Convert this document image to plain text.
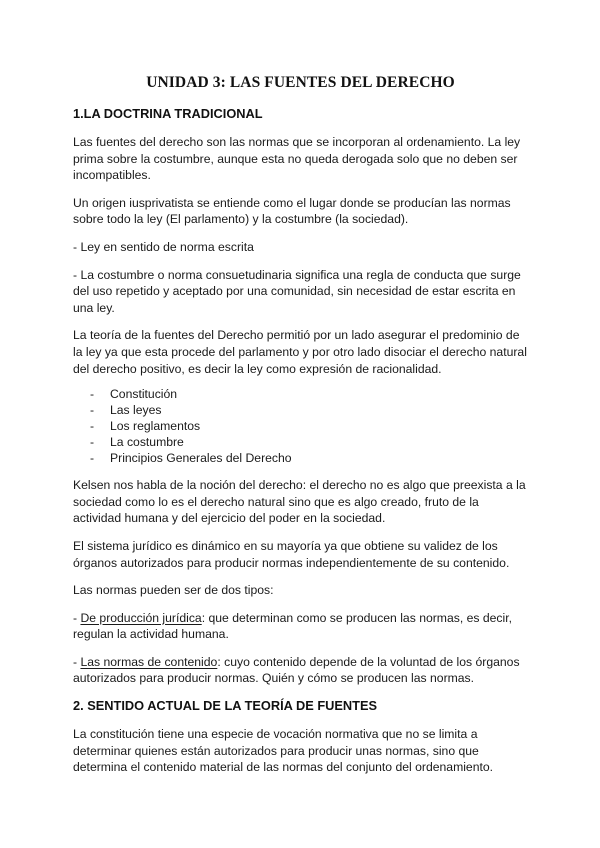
UNIDAD 3: LAS FUENTES DEL DERECHO
1.LA DOCTRINA TRADICIONAL

Las fuentes del derecho son las normas que se incorporan al ordenamiento. La ley prima sobre la costumbre, aunque esta no queda derogada solo que no deben ser incompatibles.

Un origen iusprivatista se entiende como el lugar donde se producían las normas sobre todo la ley (El parlamento) y la costumbre (la sociedad).

- Ley en sentido de norma escrita

- La costumbre o norma consuetudinaria significa una regla de conducta que surge del uso repetido y aceptado por una comunidad, sin necesidad de estar escrita en una ley.

La teoría de la fuentes del Derecho permitió por un lado asegurar el predominio de la ley ya que esta procede del parlamento y por otro lado disociar el derecho natural del derecho positivo, es decir la ley como expresión de racionalidad.

-	Constitución
-	Las leyes
-	Los reglamentos
-	La costumbre
-	Principios Generales del Derecho

Kelsen nos habla de la noción del derecho: el derecho no es algo que preexista a la sociedad como lo es el derecho natural sino que es algo creado, fruto de la actividad humana y del ejercicio del poder en la sociedad.

El sistema jurídico es dinámico en su mayoría ya que obtiene su validez de los órganos autorizados para producir normas independientemente de su contenido.

Las normas pueden ser de dos tipos:

- De producción jurídica: que determinan como se producen las normas, es decir, regulan la actividad humana.

- Las normas de contenido: cuyo contenido depende de la voluntad de los órganos autorizados para producir normas. Quién y cómo se producen las normas.

2. SENTIDO ACTUAL DE LA TEORÍA DE FUENTES

La constitución tiene una especie de vocación normativa que no se limita a determinar quienes están autorizados para producir unas normas, sino que determina el contenido material de las normas del conjunto del ordenamiento.
